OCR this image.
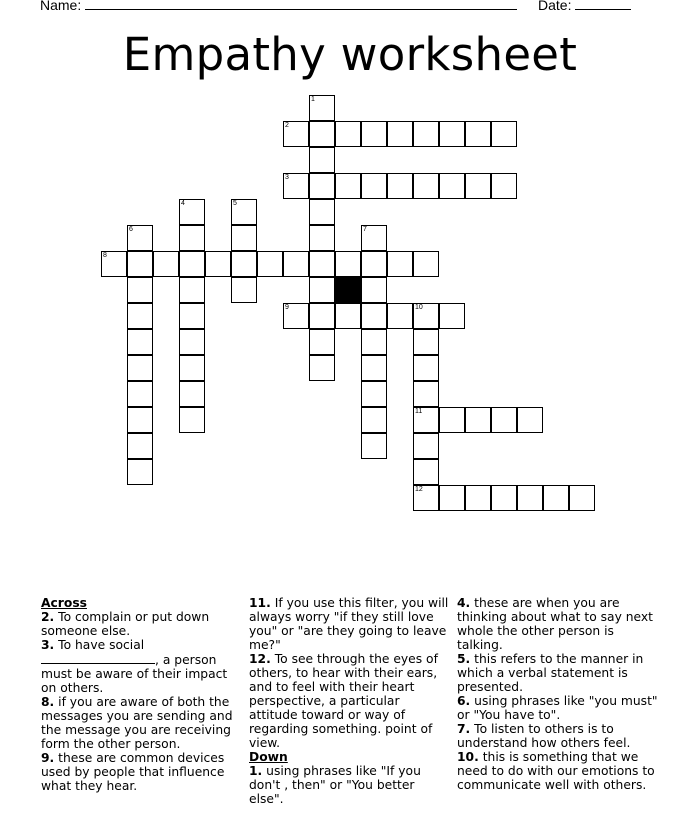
Name:	Date:
Empathy worksheet
1
2
3
4	5
6	7
8
9	10
11
12
Across
2. To complain or put down someone else.
3. To have social
, a person must be aware of their impact on others.
8. if you are aware of both the messages you are sending and the message you are receiving form the other person.
9. these are common devices used by people that influence what they hear.
11. If you use this filter, you will always worry "if they still love you" or "are they going to leave me?"
12. To see through the eyes of others, to hear with their ears, and to feel with their heart perspective, a particular attitude toward or way of regarding something. point of view.
Down
1. using phrases like "If you don't , then" or "You better else".
4. these are when you are thinking about what to say next whole the other person is talking.
5. this refers to the manner in which a verbal statement is presented.
6. using phrases like "you must" or "You have to".
7. To listen to others is to understand how others feel.
10. this is something that we need to do with our emotions to communicate well with others.
